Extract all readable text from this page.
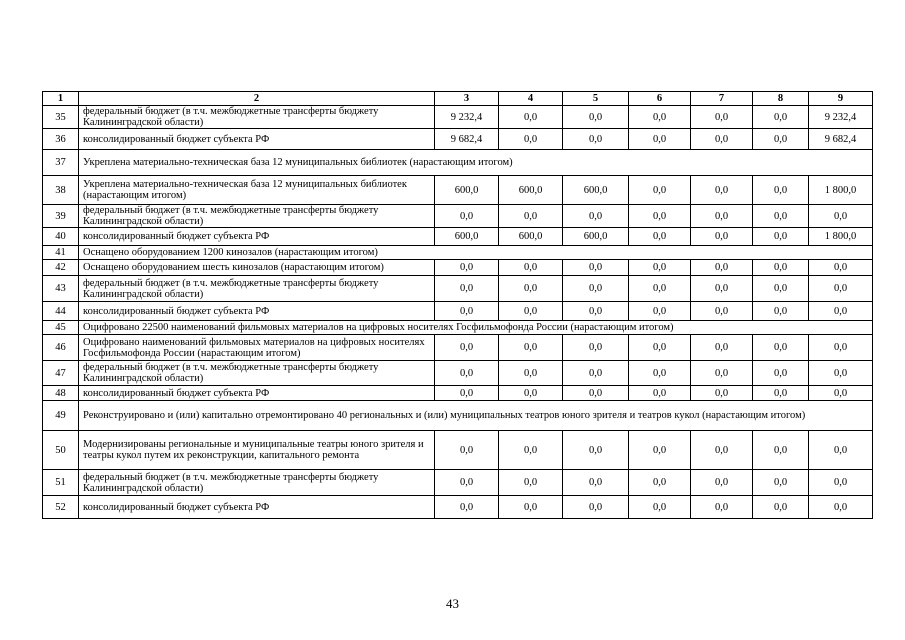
1	2	3	4	5	6	7	8	9
35	федеральный бюджет (в т.ч. межбюджетные трансферты бюджету Калининградской области)	9 232,4	0,0	0,0	0,0	0,0	0,0	9 232,4
36	консолидированный бюджет субъекта РФ	9 682,4	0,0	0,0	0,0	0,0	0,0	9 682,4
37	Укреплена материально-техническая база 12 муниципальных библиотек (нарастающим итогом)							
38	Укреплена материально-техническая база 12 муниципальных библиотек (нарастающим итогом)	600,0	600,0	600,0	0,0	0,0	0,0	1 800,0
39	федеральный бюджет (в т.ч. межбюджетные трансферты бюджету Калининградской области)	0,0	0,0	0,0	0,0	0,0	0,0	0,0
40	консолидированный бюджет субъекта РФ	600,0	600,0	600,0	0,0	0,0	0,0	1 800,0
41	Оснащено оборудованием 1200 кинозалов (нарастающим итогом)							
42	Оснащено оборудованием шесть кинозалов (нарастающим итогом)	0,0	0,0	0,0	0,0	0,0	0,0	0,0
43	федеральный бюджет (в т.ч. межбюджетные трансферты бюджету Калининградской области)	0,0	0,0	0,0	0,0	0,0	0,0	0,0
44	консолидированный бюджет субъекта РФ	0,0	0,0	0,0	0,0	0,0	0,0	0,0
45	Оцифровано 22500 наименований фильмовых материалов на цифровых носителях Госфильмофонда России (нарастающим итогом)							
46	Оцифровано наименований фильмовых материалов на цифровых носителях Госфильмофонда России (нарастающим итогом)	0,0	0,0	0,0	0,0	0,0	0,0	0,0
47	федеральный бюджет (в т.ч. межбюджетные трансферты бюджету Калининградской области)	0,0	0,0	0,0	0,0	0,0	0,0	0,0
48	консолидированный бюджет субъекта РФ	0,0	0,0	0,0	0,0	0,0	0,0	0,0
49	Реконструировано и (или) капитально отремонтировано 40 региональных и (или) муниципальных театров юного зрителя и театров кукол (нарастающим итогом)							
50	Модернизированы региональные и муниципальные театры юного зрителя и театры кукол путем их реконструкции, капитального ремонта	0,0	0,0	0,0	0,0	0,0	0,0	0,0
51	федеральный бюджет (в т.ч. межбюджетные трансферты бюджету Калининградской области)	0,0	0,0	0,0	0,0	0,0	0,0	0,0
52	консолидированный бюджет субъекта РФ	0,0	0,0	0,0	0,0	0,0	0,0	0,0
43
